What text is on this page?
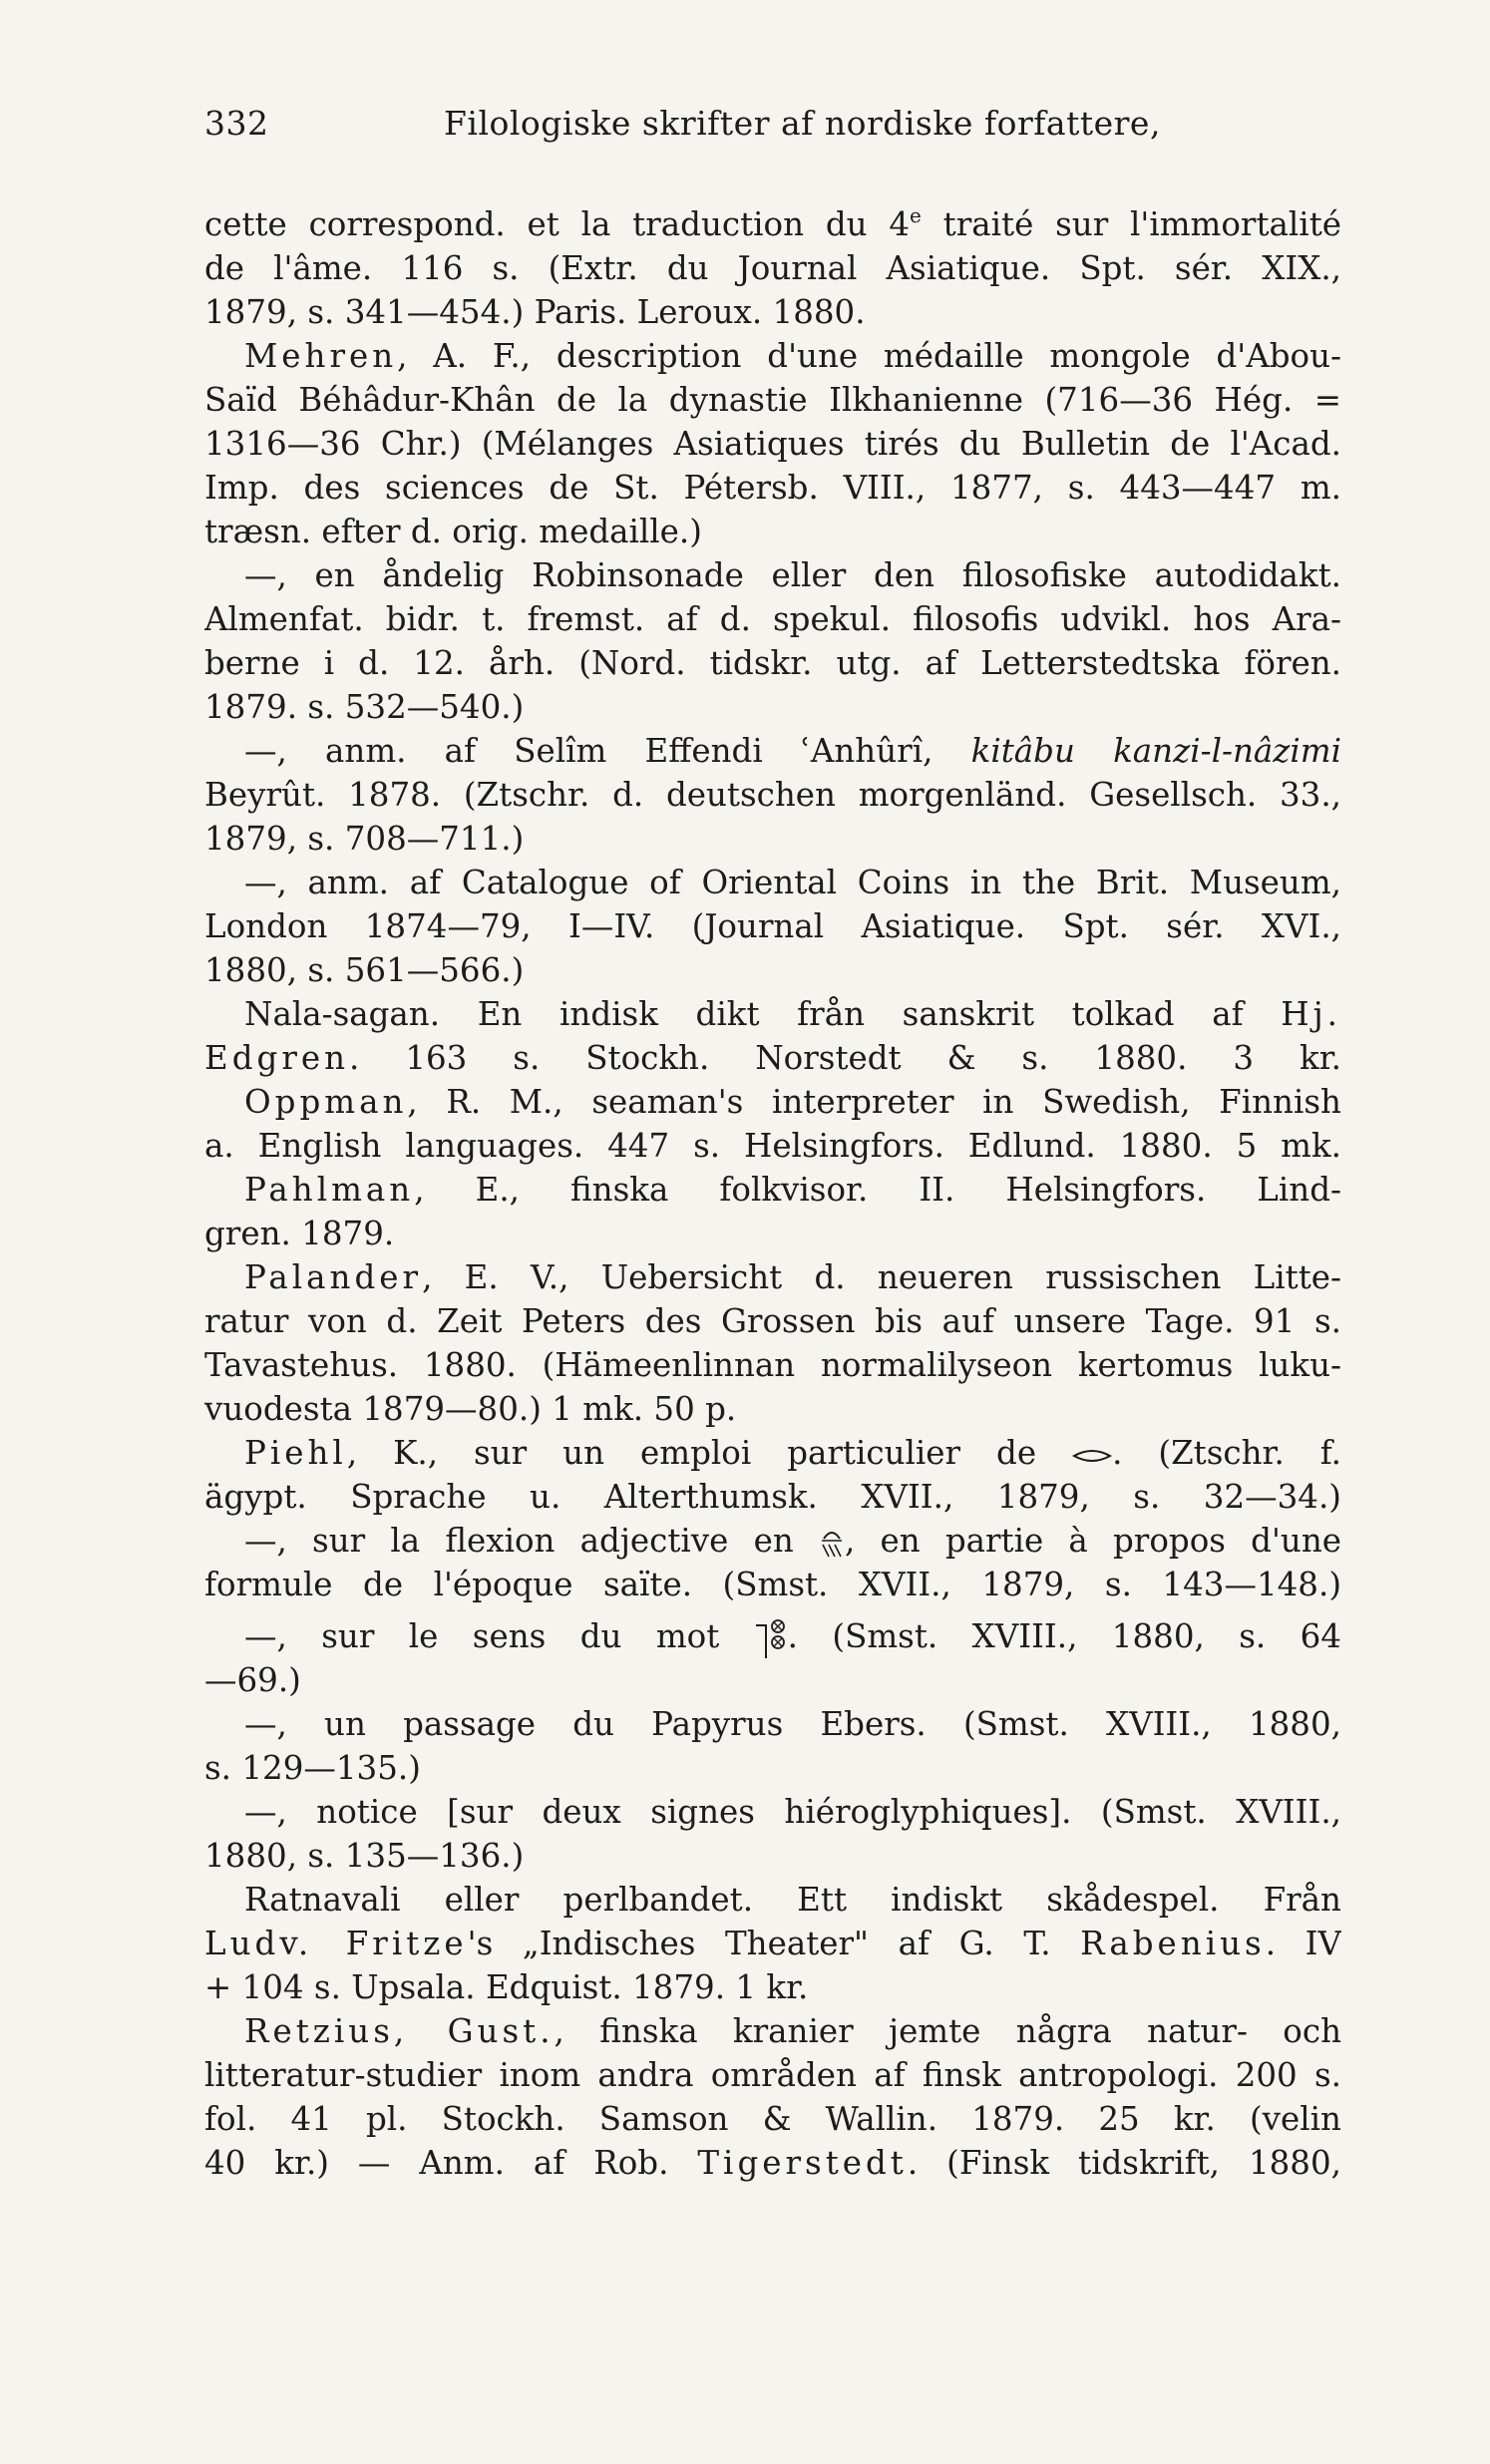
332	Filologiske skrifter af nordiske forfattere,
cette correspond. et la traduction du 4e traité sur l'immortalité
de l'âme. 116 s. (Extr. du Journal Asiatique. Spt. sér. XIX.,
1879, s. 341—454.) Paris. Leroux. 1880.
Mehren, A. F., description d'une médaille mongole d'Abou-
Saïd Béhâdur-Khân de la dynastie Ilkhanienne (716—36 Hég. =
1316—36 Chr.) (Mélanges Asiatiques tirés du Bulletin de l'Acad.
Imp. des sciences de St. Pétersb. VIII., 1877, s. 443—447 m.
træsn. efter d. orig. medaille.)
—, en åndelig Robinsonade eller den filosofiske autodidakt.
Almenfat. bidr. t. fremst. af d. spekul. filosofis udvikl. hos Ara-
berne i d. 12. årh. (Nord. tidskr. utg. af Letterstedtska fören.
1879. s. 532—540.)
—, anm. af Selîm Effendi ʿAnhûrî, kitâbu kanzi-l-nâzimi
Beyrût. 1878. (Ztschr. d. deutschen morgenländ. Gesellsch. 33.,
1879, s. 708—711.)
—, anm. af Catalogue of Oriental Coins in the Brit. Museum,
London 1874—79, I—IV. (Journal Asiatique. Spt. sér. XVI.,
1880, s. 561—566.)
Nala-sagan. En indisk dikt från sanskrit tolkad af Hj.
Edgren. 163 s. Stockh. Norstedt & s. 1880. 3 kr.
Oppman, R. M., seaman's interpreter in Swedish, Finnish
a. English languages. 447 s. Helsingfors. Edlund. 1880. 5 mk.
Pahlman, E., finska folkvisor. II. Helsingfors. Lind-
gren. 1879.
Palander, E. V., Uebersicht d. neueren russischen Litte-
ratur von d. Zeit Peters des Grossen bis auf unsere Tage. 91 s.
Tavastehus. 1880. (Hämeenlinnan normalilyseon kertomus luku-
vuodesta 1879—80.) 1 mk. 50 p.
Piehl, K., sur un emploi particulier de
. (Ztschr. f.
ägypt. Sprache u. Alterthumsk. XVII., 1879, s. 32—34.)
—, sur la flexion adjective en
, en partie à propos d'une
formule de l'époque saïte. (Smst. XVII., 1879, s. 143—148.)
—, sur le sens du mot
. (Smst. XVIII., 1880, s. 64
—69.)
—, un passage du Papyrus Ebers. (Smst. XVIII., 1880,
s. 129—135.)
—, notice [sur deux signes hiéroglyphiques]. (Smst. XVIII.,
1880, s. 135—136.)
Ratnavali eller perlbandet. Ett indiskt skådespel. Från
Ludv. Fritze's „Indisches Theater" af G. T. Rabenius. IV
+ 104 s. Upsala. Edquist. 1879. 1 kr.
Retzius, Gust., finska kranier jemte några natur- och
litteratur-studier inom andra områden af finsk antropologi. 200 s.
fol. 41 pl. Stockh. Samson & Wallin. 1879. 25 kr. (velin
40 kr.) — Anm. af Rob. Tigerstedt. (Finsk tidskrift, 1880,
